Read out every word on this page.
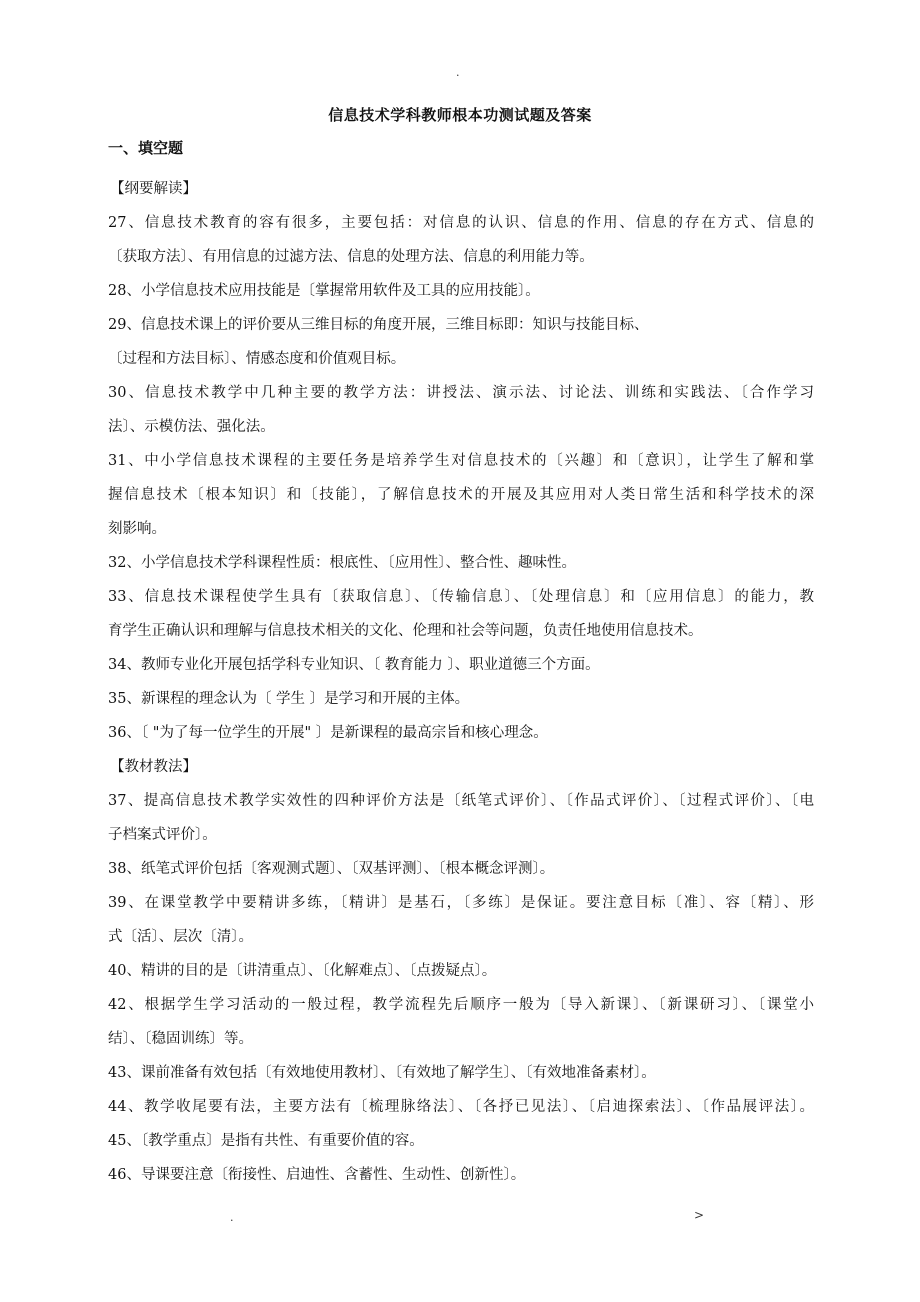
.
信息技术学科教师根本功测试题及答案
一、填空题
【纲要解读】
27、信息技术教育的容有很多，主要包括：对信息的认识、信息的作用、信息的存在方式、信息的
〔获取方法〕、有用信息的过滤方法、信息的处理方法、信息的利用能力等。
28、小学信息技术应用技能是〔掌握常用软件及工具的应用技能〕。
29、信息技术课上的评价要从三维目标的角度开展，三维目标即：知识与技能目标、
〔过程和方法目标〕、情感态度和价值观目标。
30、信息技术教学中几种主要的教学方法：讲授法、演示法、讨论法、训练和实践法、〔合作学习
法〕、示模仿法、强化法。
31、中小学信息技术课程的主要任务是培养学生对信息技术的〔兴趣〕和〔意识〕，让学生了解和掌
握信息技术〔根本知识〕和〔技能〕，了解信息技术的开展及其应用对人类日常生活和科学技术的深
刻影响。
32、小学信息技术学科课程性质：根底性、〔应用性〕、整合性、趣味性。
33、信息技术课程使学生具有〔获取信息〕、〔传输信息〕、〔处理信息〕和〔应用信息〕的能力，教
育学生正确认识和理解与信息技术相关的文化、伦理和社会等问题，负责任地使用信息技术。
34、教师专业化开展包括学科专业知识、〔 教育能力 〕、职业道德三个方面。
35、新课程的理念认为〔 学生 〕是学习和开展的主体。
36、〔 "为了每一位学生的开展" 〕是新课程的最高宗旨和核心理念。
【教材教法】
37、提高信息技术教学实效性的四种评价方法是〔纸笔式评价〕、〔作品式评价〕、〔过程式评价〕、〔电
子档案式评价〕。
38、纸笔式评价包括〔客观测式题〕、〔双基评测〕、〔根本概念评测〕。
39、在课堂教学中要精讲多练，〔精讲〕是基石，〔多练〕是保证。要注意目标〔准〕、容〔精〕、形
式〔活〕、层次〔清〕。
40、精讲的目的是〔讲清重点〕、〔化解难点〕、〔点拨疑点〕。
42、根据学生学习活动的一般过程，教学流程先后顺序一般为〔导入新课〕、〔新课研习〕、〔课堂小
结〕、〔稳固训练〕等。
43、课前准备有效包括〔有效地使用教材〕、〔有效地了解学生〕、〔有效地准备素材〕。
44、教学收尾要有法，主要方法有〔梳理脉络法〕、〔各抒已见法〕、〔启迪探索法〕、〔作品展评法〕。
45、〔教学重点〕是指有共性、有重要价值的容。
46、导课要注意〔衔接性、启迪性、含蓄性、生动性、创新性〕。
.	>
